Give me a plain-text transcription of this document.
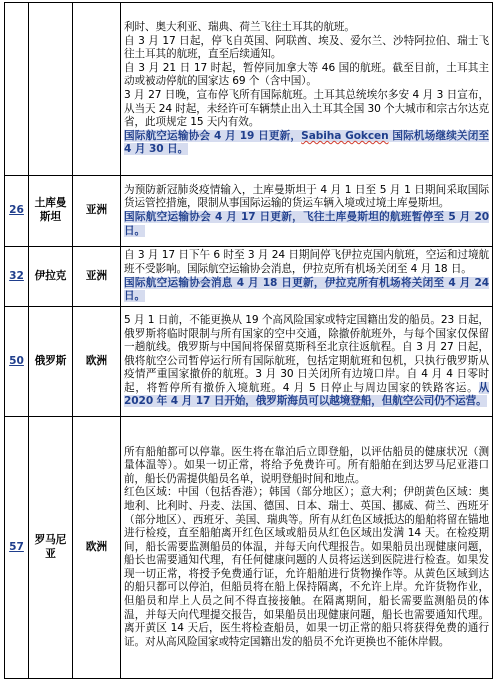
			利时、奥大利亚、瑞典、荷兰飞往土耳其的航班。

自 3 月 17 日起，停飞自英国、阿联酋、埃及、爱尔兰、沙特阿拉伯、瑞士飞往土耳其的航班，直至后续通知。

自 3 月 21 日 17 时起，暂停同加拿大等 46 国的航班。截至目前，土耳其主动或被动停航的国家达 69 个（含中国）。

3 月 27 日晚，宣布停飞所有国际航班。土耳其总统埃尔多安 4 月 3 日宣布，从当天 24 时起，未经许可车辆禁止出入土耳其全国 30 个大城市和宗古尔达克省，此项规定 15 天内有效。

国际航空运输协会 4 月 19 日更新，Sabiha Gokcen 国际机场继续关闭至 4 月 30 日。

26	土库曼斯坦	亚洲	为预防新冠肺炎疫情输入，土库曼斯坦于 4 月 1 日至 5 月 1 日期间采取国际货运管控措施，限制从事国际运输的货运车辆入境或过境土库曼斯坦。

国际航空运输协会 4 月 17 日更新，飞往土库曼斯坦的航班暂停至 5 月 20 日。

32	伊拉克	亚洲	自 3 月 17 日下午 6 时至 3 月 24 日期间停飞伊拉克国内航班，空运和过境航班不受影响。国际航空运输协会消息，伊拉克所有机场关闭至 4 月 18 日。

国际航空运输协会消息 4 月 18 日更新，伊拉克所有机场将关闭至 4 月 24 日。

50	俄罗斯	欧洲	5 月 1 日前，不能更换从 19 个高风险国家或特定国籍出发的船员。23 日起，俄罗斯将临时限制与所有国家的空中交通，除撤侨航班外，与每个国家仅保留一趟航线。俄罗斯与中国间将保留莫斯科至北京往返航程。自 3 月 27 日起，俄将航空公司暂停运行所有国际航班，包括定期航班和包机，只执行俄罗斯从疫情严重国家撤侨的航班。3 月 30 日关闭所有边境口岸。自 4 月 4 日零时起，将暂停所有撤侨入境航班。4 月 5 日停止与周边国家的铁路客运。从 2020 年 4 月 17 日开始，俄罗斯海员可以越境登船，但航空公司仍不运营。
57	罗马尼亚	欧洲	所有船舶都可以停靠。医生将在靠泊后立即登船，以评估船员的健康状况（测量体温等）。如果一切正常，将给予免费许可。所有船舶在到达罗马尼亚港口前，船长仍需提供船员名单，说明登船时间和地点。

红色区域：中国（包括香港）；韩国（部分地区）；意大利；伊朗黄色区域：奥地利、比利时、丹麦、法国、德国、日本、瑞士、英国、挪威、荷兰、西班牙（部分地区）、西班牙、美国、瑞典等。所有从红色区域抵达的船舶将留在锚地进行检疫，直至船舶离开红色区域或船员从红色区域出发满 14 天。在检疫期间，船长需要监测船员的体温，并每天向代理报告。如果船员出现健康问题，船长也需要通知代理，有任何健康问题的人员将运送到医院进行检查。如果发现一切正常，将授予免费通行证，允许船舶进行货物操作等。从黄色区域到达的船只都可以停泊，但船员将在船上保持隔离，不允许上岸。允许货物作业，但船员和岸上人员之间不得直接接触。在隔离期间，船长需要监测船员的体温，并每天向代理提交报告，如果船员出现健康问题，船长也需要通知代理。离开黄区 14 天后，医生将检查船员，如果一切正常的船只将获得免费的通行证。对从高风险国家或特定国籍出发的船员不允许更换也不能休岸假。
